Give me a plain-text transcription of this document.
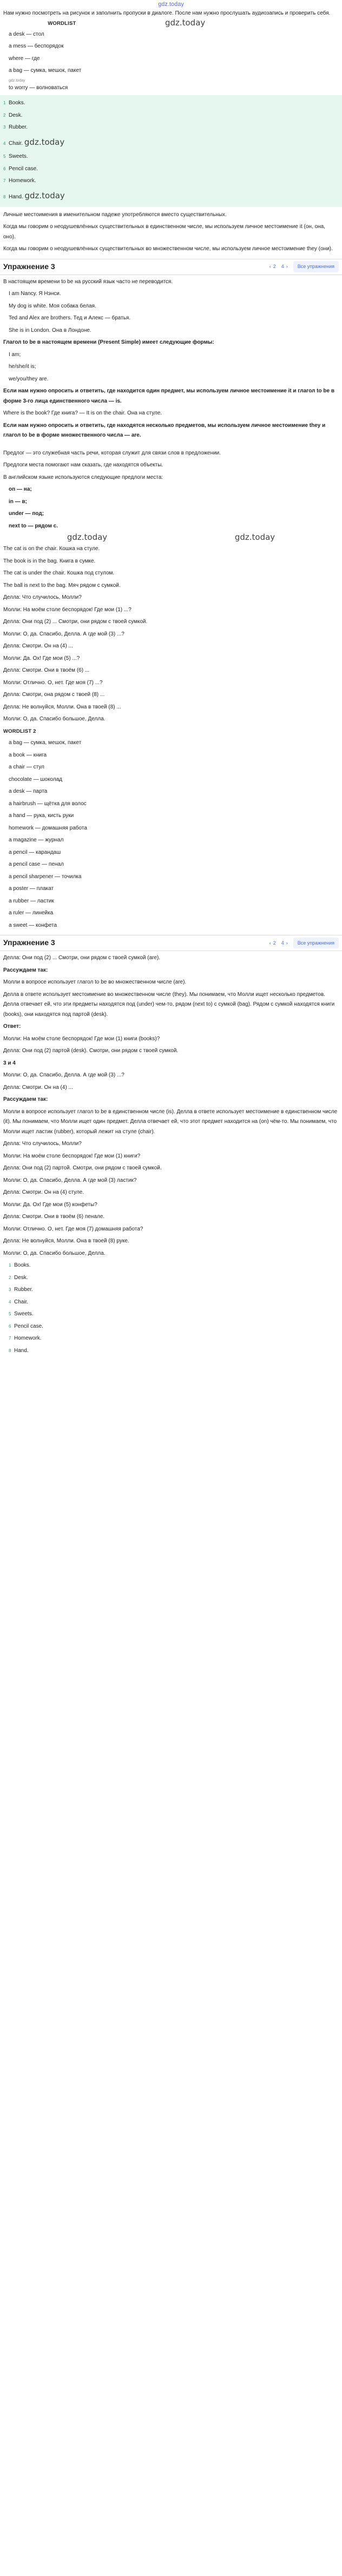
gdz.today

Нам нужно посмотреть на рисунок и заполнить пропуски в диалоге. После нам нужно прослушать аудиозапись и проверить себя.

WORDLIST	gdz.today

a desk — стол

a mess — беспорядок

where — где

a bag — сумка, мешок, пакет

gdz.today

to worry — волноваться

1 Books.

2 Desk.

3 Rubber.

4 Chair. gdz.today

5 Sweets.

6 Pencil case.

7 Homework.

8 Hand. gdz.today

Личные местоимения в именительном падеже употребляются вместо существительных.

Когда мы говорим о неодушевлённых существительных в единственном числе, мы используем личное местоимение it (он, она, оно).

Когда мы говорим о неодушевлённых существительных во множественном числе, мы используем личное местоимение they (они).

Упражнение 3	‹ 2 4 ›	Все упражнения

В настоящем времени to be на русский язык часто не переводится.

I am Nancy. Я Нэнси.

My dog is white. Моя собака белая.

Ted and Alex are brothers. Тед и Алекс — братья.

She is in London. Она в Лондоне.

Глагол to be в настоящем времени (Present Simple) имеет следующие формы:

I am;

he/she/it is;

we/you/they are.

Если нам нужно опросить и ответить, где находится один предмет, мы используем личное местоимение it и глагол to be в форме 3-го лица единственного числа — is.

Where is the book? Где книга? — It is on the chair. Она на стуле.

Если нам нужно опросить и ответить, где находятся несколько предметов, мы используем личное местоимение they и глагол to be в форме множественного числа — are.

Предлог — это служебная часть речи, которая служит для связи слов в предложении.

Предлоги места помогают нам сказать, где находятся объекты.

В английском языке используются следующие предлоги места:

on — на;

in — в;

under — под;

next to — рядом с.

gdz.today	gdz.today

The cat is on the chair. Кошка на стуле.

The book is in the bag. Книга в сумке.

The cat is under the chair. Кошка под стулом.

The ball is next to the bag. Мяч рядом с сумкой.

Делла: Что случилось, Молли?

Молли: На моём столе беспорядок! Где мои (1) ...?

Делла: Они под (2) ... Смотри, они рядом с твоей сумкой.

Молли: О, да. Спасибо, Делла. А где мой (3) ...?

Делла: Смотри. Он на (4) ...

Молли: Да. Ох! Где мои (5) ...?

Делла: Смотри. Они в твоём (6) ...

Молли: Отлично. О, нет. Где моя (7) ...?

Делла: Смотри, она рядом с твоей (8) ...

Делла: Не волнуйся, Молли. Она в твоей (8) ...

Молли: О, да. Спасибо большое, Делла.

WORDLIST 2

a bag — сумка, мешок, пакет

a book — книга

a chair — стул

chocolate — шоколад

a desk — парта

a hairbrush — щётка для волос

a hand — рука, кисть руки

homework — домашняя работа

a magazine — журнал

a pencil — карандаш

a pencil case — пенал

a pencil sharpener — точилка

a poster — плакат

a rubber — ластик

a ruler — линейка

a sweet — конфета

Упражнение 3	‹ 2 4 ›	Все упражнения

Делла: Они под (2) ... Смотри, они рядом с твоей сумкой (are).

Рассуждаем так:

Молли в вопросе использует глагол to be во множественном числе (are).

Делла в ответе использует местоимение во множественном числе (they). Мы понимаем, что Молли ищет несколько предметов. Делла отвечает ей, что эти предметы находятся под (under) чем-то, рядом (next to) с сумкой (bag). Рядом с сумкой находятся книги (books), они находятся под партой (desk).

Ответ:

Молли: На моём столе беспорядок! Где мои (1) книги (books)?

Делла: Они под (2) партой (desk). Смотри, они рядом с твоей сумкой.

3 и 4

Молли: О, да. Спасибо, Делла. А где мой (3) ...?

Делла: Смотри. Он на (4) ...

Рассуждаем так:

Молли в вопросе использует глагол to be в единственном числе (is). Делла в ответе использует местоимение в единственном числе (it). Мы понимаем, что Молли ищет один предмет. Делла отвечает ей, что этот предмет находится на (on) чём-то. Мы понимаем, что Молли ищет ластик (rubber), который лежит на стуле (chair).

Делла: Что случилось, Молли?

Молли: На моём столе беспорядок! Где мои (1) книги?

Делла: Они под (2) партой. Смотри, они рядом с твоей сумкой.

Молли: О, да. Спасибо, Делла. А где мой (3) ластик?

Делла: Смотри. Он на (4) стуле.

Молли: Да. Ох! Где мои (5) конфеты?

Делла: Смотри. Они в твоём (6) пенале.

Молли: Отлично. О, нет. Где моя (7) домашняя работа?

Делла: Не волнуйся, Молли. Она в твоей (8) руке.

Молли: О, да. Спасибо большое, Делла.

1 Books.

2 Desk.

3 Rubber.

4 Chair.

5 Sweets.

6 Pencil case.

7 Homework.

8 Hand.
